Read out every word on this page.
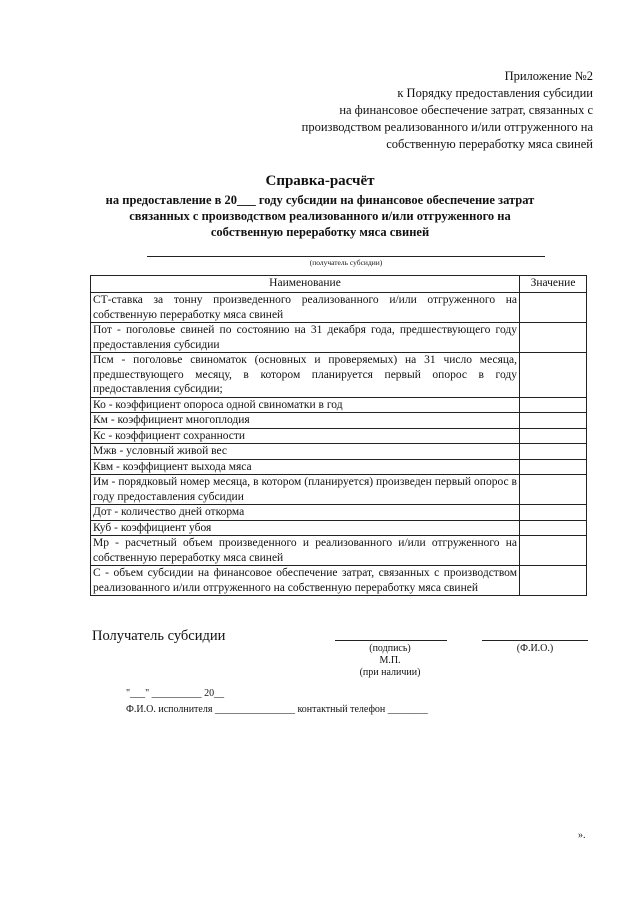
Приложение №2
к Порядку предоставления субсидии
на финансовое обеспечение затрат, связанных с
производством реализованного и/или отгруженного на
собственную переработку мяса свиней
Справка-расчёт
на предоставление в 20___ году субсидии на финансовое обеспечение затрат связанных с производством реализованного и/или отгруженного на собственную переработку мяса свиней
(получатель субсидии)
Наименование	Значение
СТ-ставка за тонну произведенного реализованного и/или отгруженного на собственную переработку мяса свиней	
Пот - поголовье свиней по состоянию на 31 декабря года, предшествующего году предоставления субсидии	
Псм - поголовье свиноматок (основных и проверяемых) на 31 число месяца, предшествующего месяцу, в котором планируется первый опорос в году предоставления субсидии;	
Ко - коэффициент опороса одной свиноматки в год	
Км - коэффициент многоплодия	
Кс - коэффициент сохранности	
Мжв - условный живой вес	
Квм - коэффициент выхода мяса	
Им - порядковый номер месяца, в котором (планируется) произведен первый опорос в году предоставления субсидии	
Дот - количество дней откорма	
Куб - коэффициент убоя	
Мр - расчетный объем произведенного и реализованного и/или отгруженного на собственную переработку мяса свиней	
С - объем субсидии на финансовое обеспечение затрат, связанных с производством реализованного и/или отгруженного на собственную переработку мяса свиней	
Получатель субсидии
(подпись)	(Ф.И.О.)
М.П.
(при наличии)
"___" __________ 20__
Ф.И.О. исполнителя ________________ контактный телефон ________
».
